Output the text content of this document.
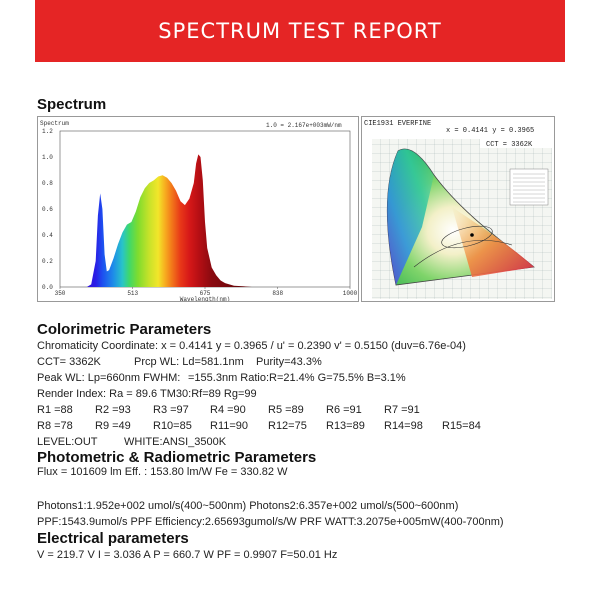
SPECTRUM TEST REPORT
Spectrum
Spectrum	1.0 = 2.167e+003mW/nm
1.2
1.0
0.8
0.6
0.4
0.2
0.0
350	513	675	838	1000
Wavelength(nm)
CIE1931 EVERFINE
x = 0.4141 y = 0.3965
CCT = 3362K
Colorimetric Parameters
Chromaticity Coordinate: x = 0.4141 y = 0.3965 / u' = 0.2390 v' = 0.5150 (duv=6.76e-04)
CCT= 3362K	Prcp WL: Ld=581.1nm Purity=43.3%
Peak WL: Lp=660nm FWHM: =155.3nm Ratio:R=21.4% G=75.5% B=3.1%
Render Index: Ra = 89.6 TM30:Rf=89 Rg=99
R1 =88 R2 =93 R3 =97 R4 =90 R5 =89 R6 =91 R7 =91
R8 =78 R9 =49 R10=85 R11=90 R12=75 R13=89 R14=98 R15=84
LEVEL:OUT WHITE:ANSI_3500K
Photometric & Radiometric Parameters
Flux = 101609 lm Eff. : 153.80 lm/W Fe = 330.82 W
Photons1:1.952e+002 umol/s(400~500nm) Photons2:6.357e+002 umol/s(500~600nm)
PPF:1543.9umol/s PPF Efficiency:2.65693gumol/s/W PRF WATT:3.2075e+005mW(400-700nm)
Electrical parameters
V = 219.7 V I = 3.036 A P = 660.7 W PF = 0.9907 F=50.01 Hz
